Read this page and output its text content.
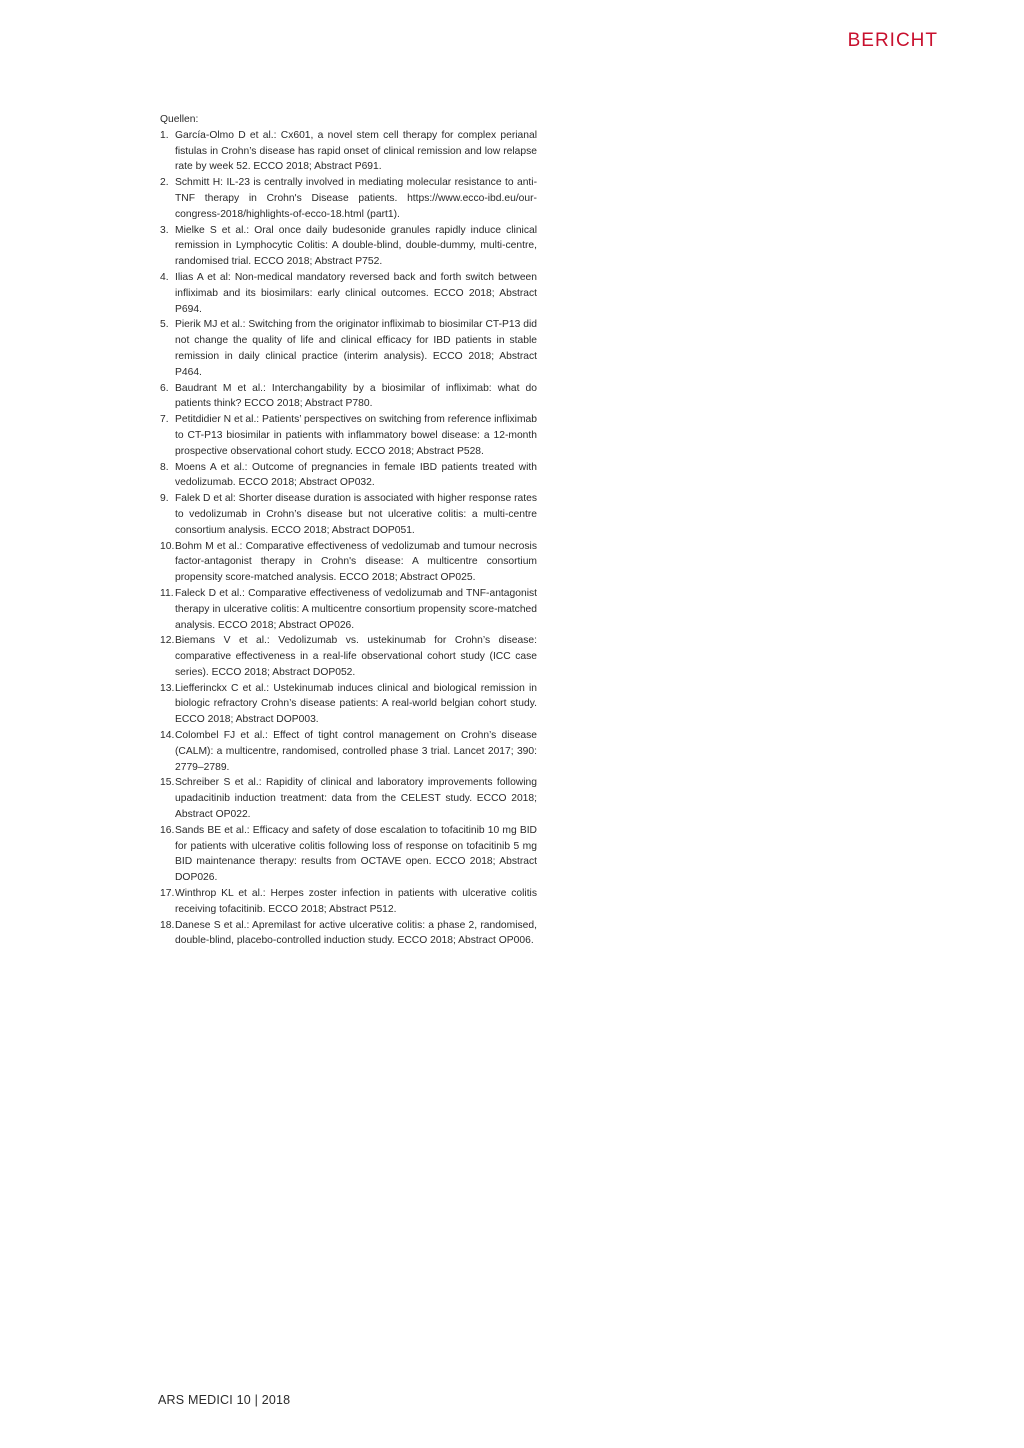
BERICHT

Quellen:

1. García-Olmo D et al.: Cx601, a novel stem cell therapy for complex perianal fistulas in Crohn’s disease has rapid onset of clinical remission and low relapse rate by week 52. ECCO 2018; Abstract P691.
2. Schmitt H: IL-23 is centrally involved in mediating molecular resistance to anti-TNF therapy in Crohn's Disease patients. https://www.ecco-ibd.eu/our-congress-2018/highlights-of-ecco-18.html (part1).
3. Mielke S et al.: Oral once daily budesonide granules rapidly induce clinical remission in Lymphocytic Colitis: A double-blind, double-dummy, multi-centre, randomised trial. ECCO 2018; Abstract P752.
4. Ilias A et al: Non-medical mandatory reversed back and forth switch between infliximab and its biosimilars: early clinical outcomes. ECCO 2018; Abstract P694.
5. Pierik MJ et al.: Switching from the originator infliximab to biosimilar CT-P13 did not change the quality of life and clinical efficacy for IBD patients in stable remission in daily clinical practice (interim analysis). ECCO 2018; Abstract P464.
6. Baudrant M et al.: Interchangability by a biosimilar of infliximab: what do patients think? ECCO 2018; Abstract P780.
7. Petitdidier N et al.: Patients’ perspectives on switching from reference infliximab to CT-P13 biosimilar in patients with inflammatory bowel disease: a 12-month prospective observational cohort study. ECCO 2018; Abstract P528.
8. Moens A et al.: Outcome of pregnancies in female IBD patients treated with vedolizumab. ECCO 2018; Abstract OP032.
9. Falek D et al: Shorter disease duration is associated with higher response rates to vedolizumab in Crohn’s disease but not ulcerative colitis: a multi-centre consortium analysis. ECCO 2018; Abstract DOP051.
10. Bohm M et al.: Comparative effectiveness of vedolizumab and tumour necrosis factor-antagonist therapy in Crohn's disease: A multicentre consortium propensity score-matched analysis. ECCO 2018; Abstract OP025.
11. Faleck D et al.: Comparative effectiveness of vedolizumab and TNF-antagonist therapy in ulcerative colitis: A multicentre consortium propensity score-matched analysis. ECCO 2018; Abstract OP026.
12. Biemans V et al.: Vedolizumab vs. ustekinumab for Crohn’s disease: comparative effectiveness in a real-life observational cohort study (ICC case series). ECCO 2018; Abstract DOP052.
13. Liefferinckx C et al.: Ustekinumab induces clinical and biological remission in biologic refractory Crohn’s disease patients: A real-world belgian cohort study. ECCO 2018; Abstract DOP003.
14. Colombel FJ et al.: Effect of tight control management on Crohn’s disease (CALM): a multicentre, randomised, controlled phase 3 trial. Lancet 2017; 390: 2779–2789.
15. Schreiber S et al.: Rapidity of clinical and laboratory improvements following upadacitinib induction treatment: data from the CELEST study. ECCO 2018; Abstract OP022.
16. Sands BE et al.: Efficacy and safety of dose escalation to tofacitinib 10 mg BID for patients with ulcerative colitis following loss of response on tofacitinib 5 mg BID maintenance therapy: results from OCTAVE open. ECCO 2018; Abstract DOP026.
17. Winthrop KL et al.: Herpes zoster infection in patients with ulcerative colitis receiving tofacitinib. ECCO 2018; Abstract P512.
18. Danese S et al.: Apremilast for active ulcerative colitis: a phase 2, randomised, double-blind, placebo-controlled induction study. ECCO 2018; Abstract OP006.
ARS MEDICI 10 | 2018
